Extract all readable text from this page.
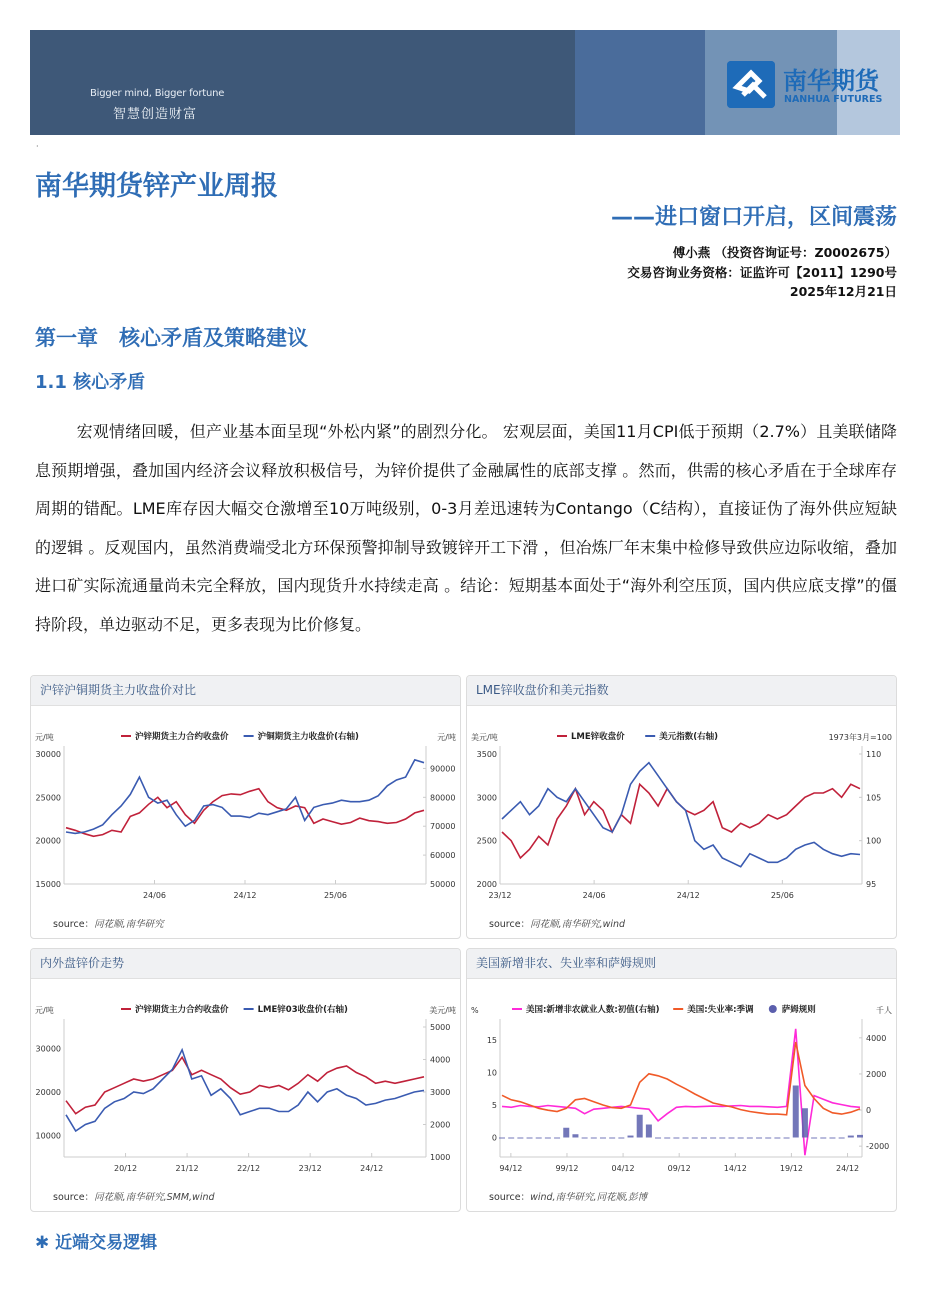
Bigger mind, Bigger fortune
智慧创造财富
南华期货
NANHUA FUTURES
·
南华期货锌产业周报
——进口窗口开启，区间震荡
傅小燕 （投资咨询证号：Z0002675）
交易咨询业务资格：证监许可【2011】1290号
2025年12月21日
第一章　核心矛盾及策略建议
1.1 核心矛盾

宏观情绪回暖，但产业基本面呈现“外松内紧”的剧烈分化。 宏观层面，美国11月CPI低于预期（2.7%）且美联储降息预期增强，叠加国内经济会议释放积极信号，为锌价提供了金融属性的底部支撑 。然而，供需的核心矛盾在于全球库存周期的错配。LME库存因大幅交仓激增至10万吨级别，0-3月差迅速转为Contango（C结构），直接证伪了海外供应短缺的逻辑 。反观国内，虽然消费端受北方环保预警抑制导致镀锌开工下滑 ，但冶炼厂年末集中检修导致供应边际收缩，叠加进口矿实际流通量尚未完全释放，国内现货升水持续走高 。结论：短期基本面处于“海外利空压顶，国内供应底支撑”的僵持阶段，单边驱动不足，更多表现为比价修复。

沪锌沪铜期货主力收盘价对比
元/吨	元/吨
30000
25000
20000
15000
90000
80000
70000
60000
50000
24/06	24/12	25/06
沪锌期货主力合约收盘价	沪铜期货主力收盘价(右轴)
source：同花顺,南华研究
LME锌收盘价和美元指数
美元/吨	1973年3月=100
3500
3000
2500
2000
110
105
100
95
23/12	24/06	24/12	25/06
LME锌收盘价	美元指数(右轴)
source：同花顺,南华研究,wind
内外盘锌价走势
元/吨	美元/吨
30000
20000
10000
5000
4000
3000
2000
1000
20/12	21/12	22/12	23/12	24/12
沪锌期货主力合约收盘价	LME锌03收盘价(右轴)
source：同花顺,南华研究,SMM,wind
美国新增非农、失业率和萨姆规则
%	千人
15
10
5
0
4000
2000
0
-2000
94/12	99/12	04/12	09/12	14/12	19/12	24/12
美国:新增非农就业人数:初值(右轴)	美国:失业率:季调	萨姆规则
source：wind,南华研究,同花顺,彭博
✱ 近端交易逻辑
